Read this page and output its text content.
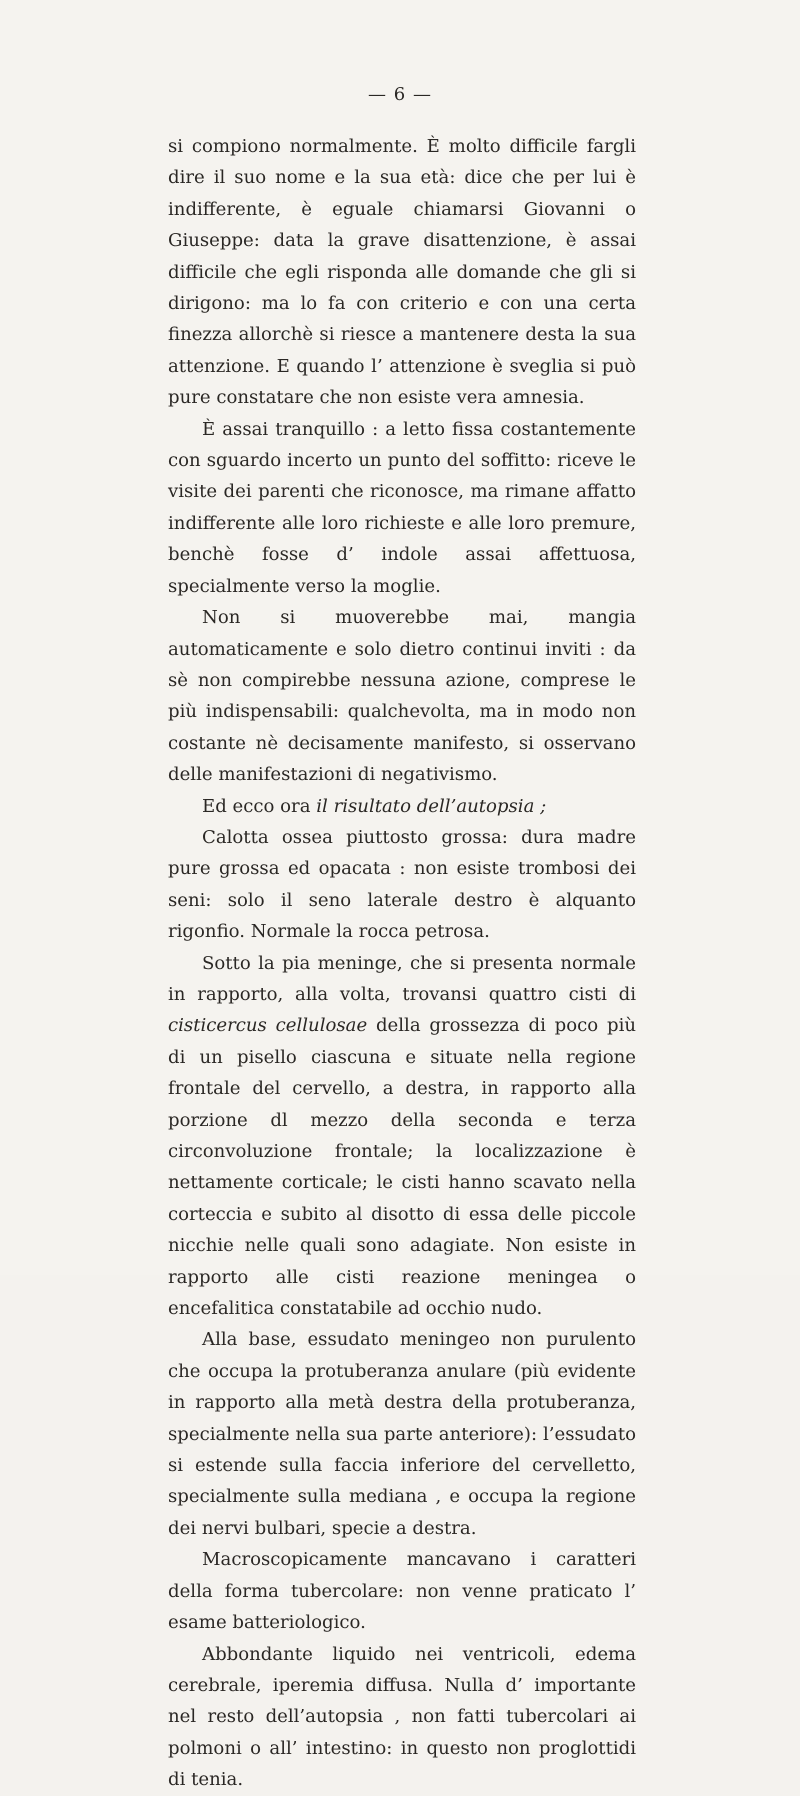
— 6 —

si compiono normalmente. È molto difficile fargli dire il suo nome e la sua età: dice che per lui è indifferente, è eguale chiamarsi Giovanni o Giuseppe: data la grave disattenzione, è assai difficile che egli risponda alle domande che gli si dirigono: ma lo fa con criterio e con una certa finezza allorchè si riesce a mantenere desta la sua attenzione. E quando l’ attenzione è sveglia si può pure constatare che non esiste vera amnesia.

È assai tranquillo : a letto fissa costantemente con sguardo incerto un punto del soffitto: riceve le visite dei parenti che riconosce, ma rimane affatto indifferente alle loro richieste e alle loro premure, benchè fosse d’ indole assai affettuosa, specialmente verso la moglie.

Non si muoverebbe mai, mangia automaticamente e solo dietro continui inviti : da sè non compirebbe nessuna azione, comprese le più indispensabili: qualchevolta, ma in modo non costante nè decisamente manifesto, si osservano delle manifestazioni di negativismo.

Ed ecco ora il risultato dell’autopsia ;

Calotta ossea piuttosto grossa: dura madre pure grossa ed opacata : non esiste trombosi dei seni: solo il seno laterale destro è alquanto rigonfio. Normale la rocca petrosa.

Sotto la pia meninge, che si presenta normale in rapporto, alla volta, trovansi quattro cisti di cisticercus cellulosae della grossezza di poco più di un pisello ciascuna e situate nella regione frontale del cervello, a destra, in rapporto alla porzione dl mezzo della seconda e terza circonvoluzione frontale; la localizzazione è nettamente corticale; le cisti hanno scavato nella corteccia e subito al disotto di essa delle piccole nicchie nelle quali sono adagiate. Non esiste in rapporto alle cisti reazione meningea o encefalitica constatabile ad occhio nudo.

Alla base, essudato meningeo non purulento che occupa la protuberanza anulare (più evidente in rapporto alla metà destra della protuberanza, specialmente nella sua parte anteriore): l’essudato si estende sulla faccia inferiore del cervelletto, specialmente sulla mediana , e occupa la regione dei nervi bulbari, specie a destra.

Macroscopicamente mancavano i caratteri della forma tubercolare: non venne praticato l’ esame batteriologico.

Abbondante liquido nei ventricoli, edema cerebrale, iperemia diffusa. Nulla d’ importante nel resto dell’autopsia , non fatti tubercolari ai polmoni o all’ intestino: in questo non proglottidi di tenia.
